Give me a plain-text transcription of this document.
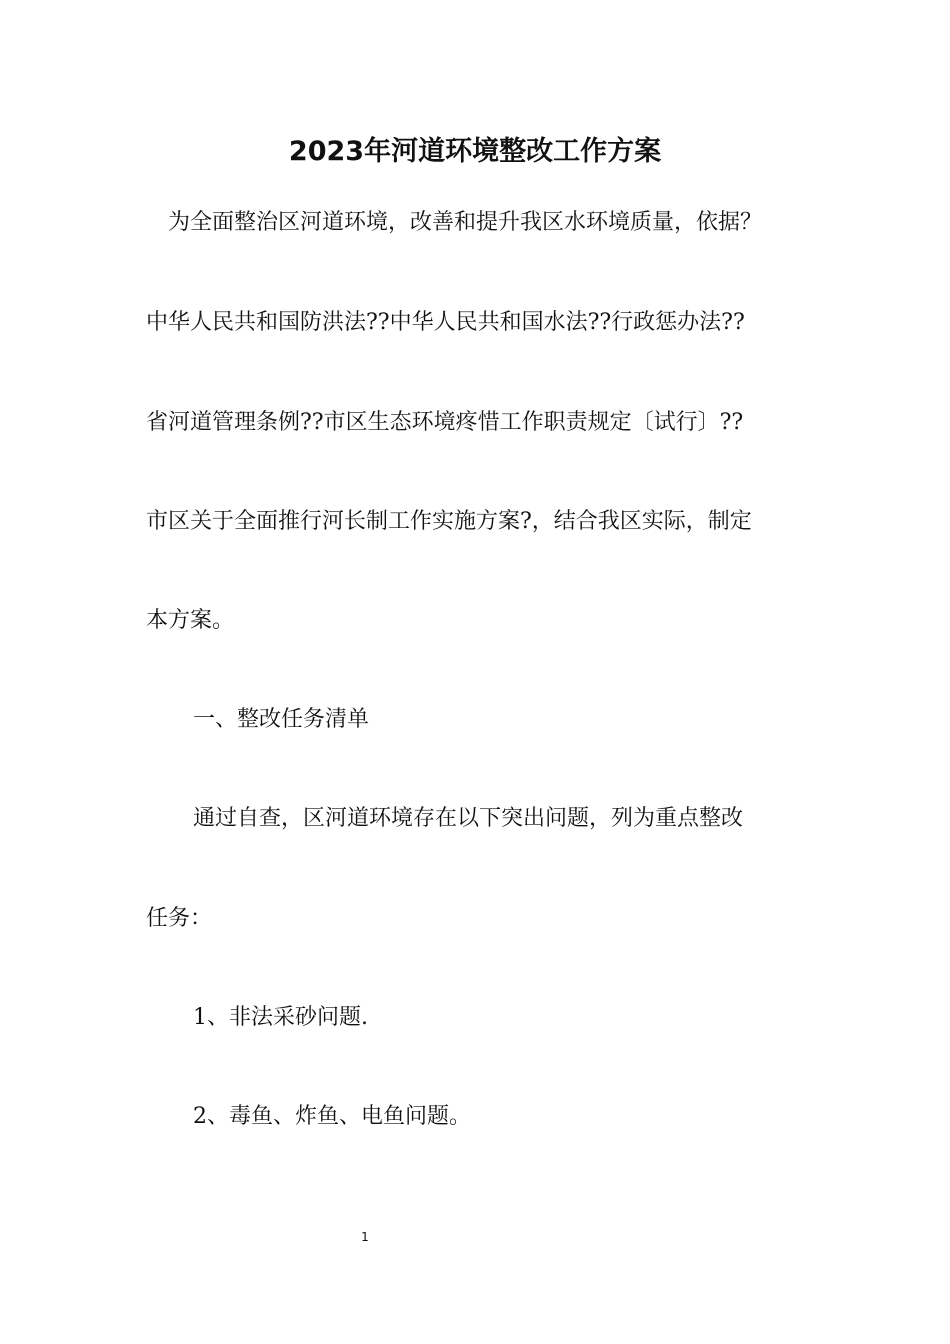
2023年河道环境整改工作方案
　为全面整治区河道环境，改善和提升我区水环境质量，依据？
中华人民共和国防洪法??中华人民共和国水法??行政惩办法??
省河道管理条例??市区生态环境疼惜工作职责规定〔试行〕??
市区关于全面推行河长制工作实施方案?，结合我区实际，制定
本方案。
一、整改任务清单
通过自查，区河道环境存在以下突出问题，列为重点整改
任务：
1、非法采砂问题.
2、毒鱼、炸鱼、电鱼问题。
1
